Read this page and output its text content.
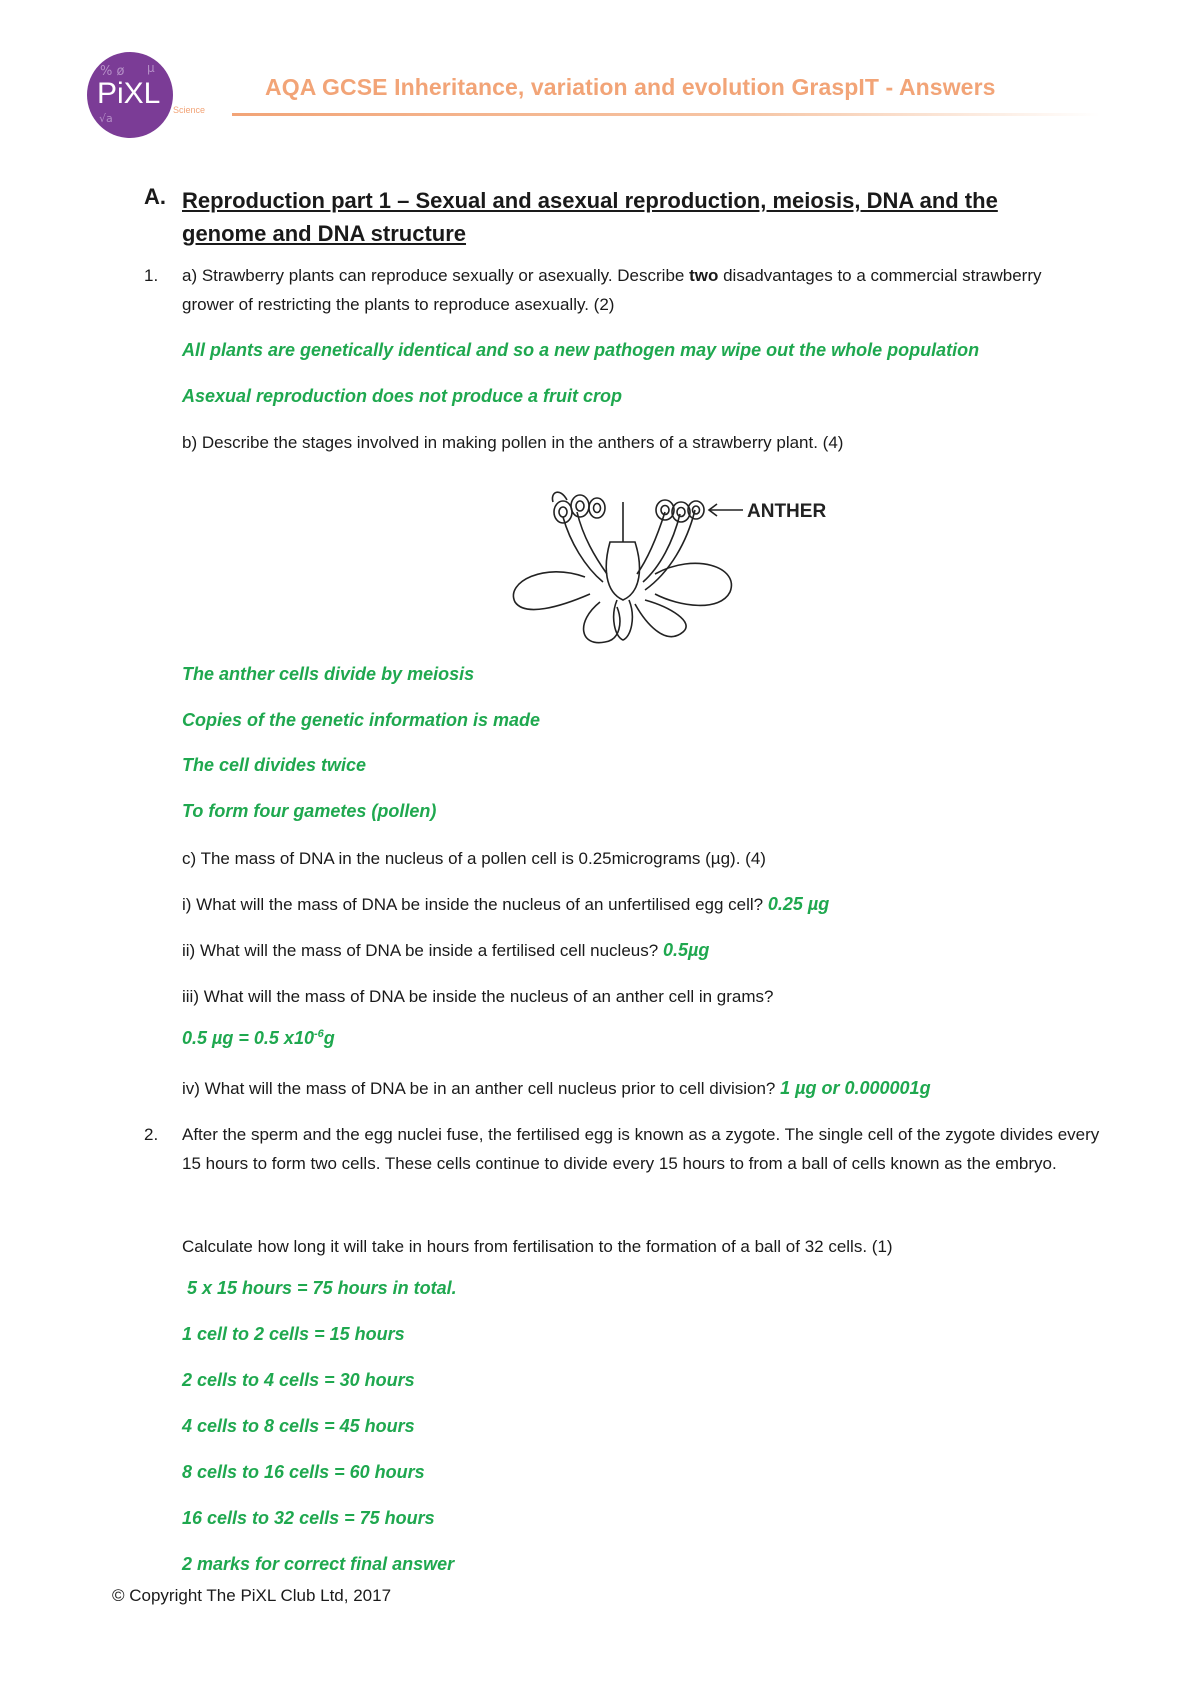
% ø µ
√a
PiXL Science
AQA GCSE Inheritance, variation and evolution GraspIT - Answers
A. Reproduction part 1 – Sexual and asexual reproduction, meiosis, DNA and the genome and DNA structure
1. a) Strawberry plants can reproduce sexually or asexually. Describe two disadvantages to a commercial strawberry grower of restricting the plants to reproduce asexually. (2)
All plants are genetically identical and so a new pathogen may wipe out the whole population
Asexual reproduction does not produce a fruit crop
b) Describe the stages involved in making pollen in the anthers of a strawberry plant. (4)
ANTHER
The anther cells divide by meiosis
Copies of the genetic information is made
The cell divides twice
To form four gametes (pollen)
c) The mass of DNA in the nucleus of a pollen cell is 0.25micrograms (µg). (4)
i) What will the mass of DNA be inside the nucleus of an unfertilised egg cell? 0.25 µg
ii) What will the mass of DNA be inside a fertilised cell nucleus? 0.5µg
iii) What will the mass of DNA be inside the nucleus of an anther cell in grams?
0.5 µg = 0.5 $x10^{-6}g$
iv) What will the mass of DNA be in an anther cell nucleus prior to cell division? 1 µg or 0.000001g
2. After the sperm and the egg nuclei fuse, the fertilised egg is known as a zygote. The single cell of the zygote divides every 15 hours to form two cells. These cells continue to divide every 15 hours to from a ball of cells known as the embryo.
Calculate how long it will take in hours from fertilisation to the formation of a ball of 32 cells. (1)
5 x 15 hours = 75 hours in total.
1 cell to 2 cells = 15 hours
2 cells to 4 cells = 30 hours
4 cells to 8 cells = 45 hours
8 cells to 16 cells = 60 hours
16 cells to 32 cells = 75 hours
2 marks for correct final answer
© Copyright The PiXL Club Ltd, 2017
